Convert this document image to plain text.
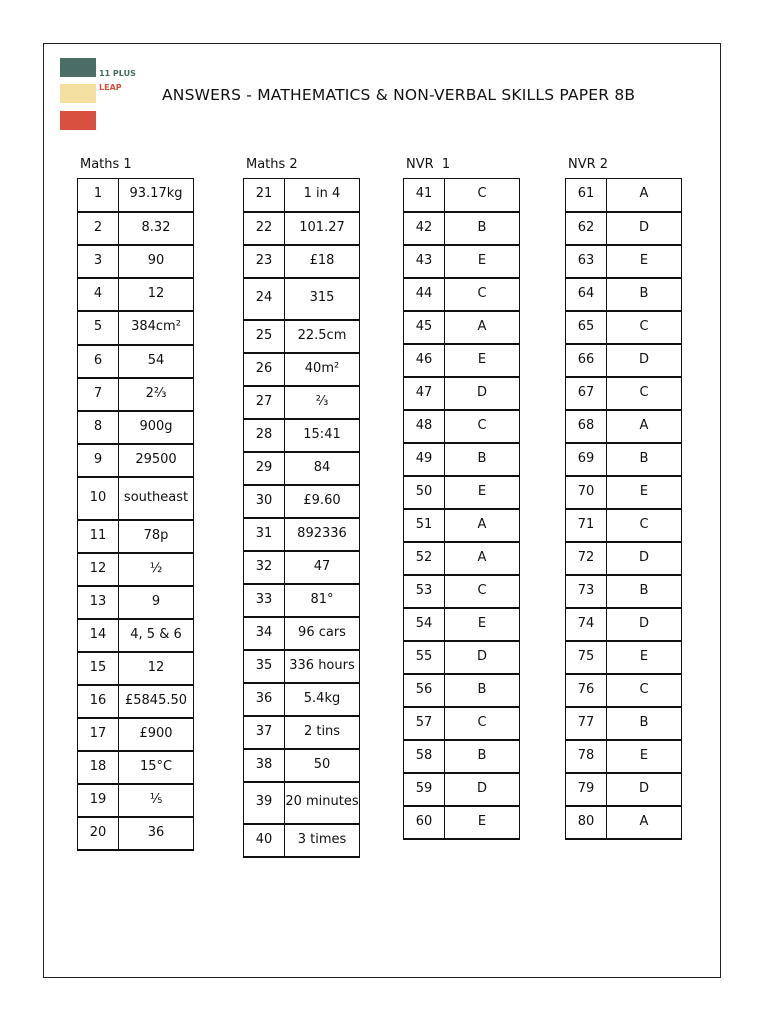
11 PLUS
LEAP	ANSWERS - MATHEMATICS & NON-VERBAL SKILLS PAPER 8B
Maths 1	Maths 2	NVR  1	NVR 2
1	93.17kg
2	8.32
3	90
4	12
5	384cm²
6	54
7	2⅔
8	900g
9	29500
10	southeast
11	78p
12	½
13	9
14	4, 5 & 6
15	12
16	£5845.50
17	£900
18	15°C
19	⅕
20	36
21	1 in 4
22	101.27
23	£18
24	315
25	22.5cm
26	40m²
27	⅔
28	15:41
29	84
30	£9.60
31	892336
32	47
33	81°
34	96 cars
35	336 hours
36	5.4kg
37	2 tins
38	50
39	20 minutes
40	3 times
41	C
42	B
43	E
44	C
45	A
46	E
47	D
48	C
49	B
50	E
51	A
52	A
53	C
54	E
55	D
56	B
57	C
58	B
59	D
60	E
61	A
62	D
63	E
64	B
65	C
66	D
67	C
68	A
69	B
70	E
71	C
72	D
73	B
74	D
75	E
76	C
77	B
78	E
79	D
80	A
